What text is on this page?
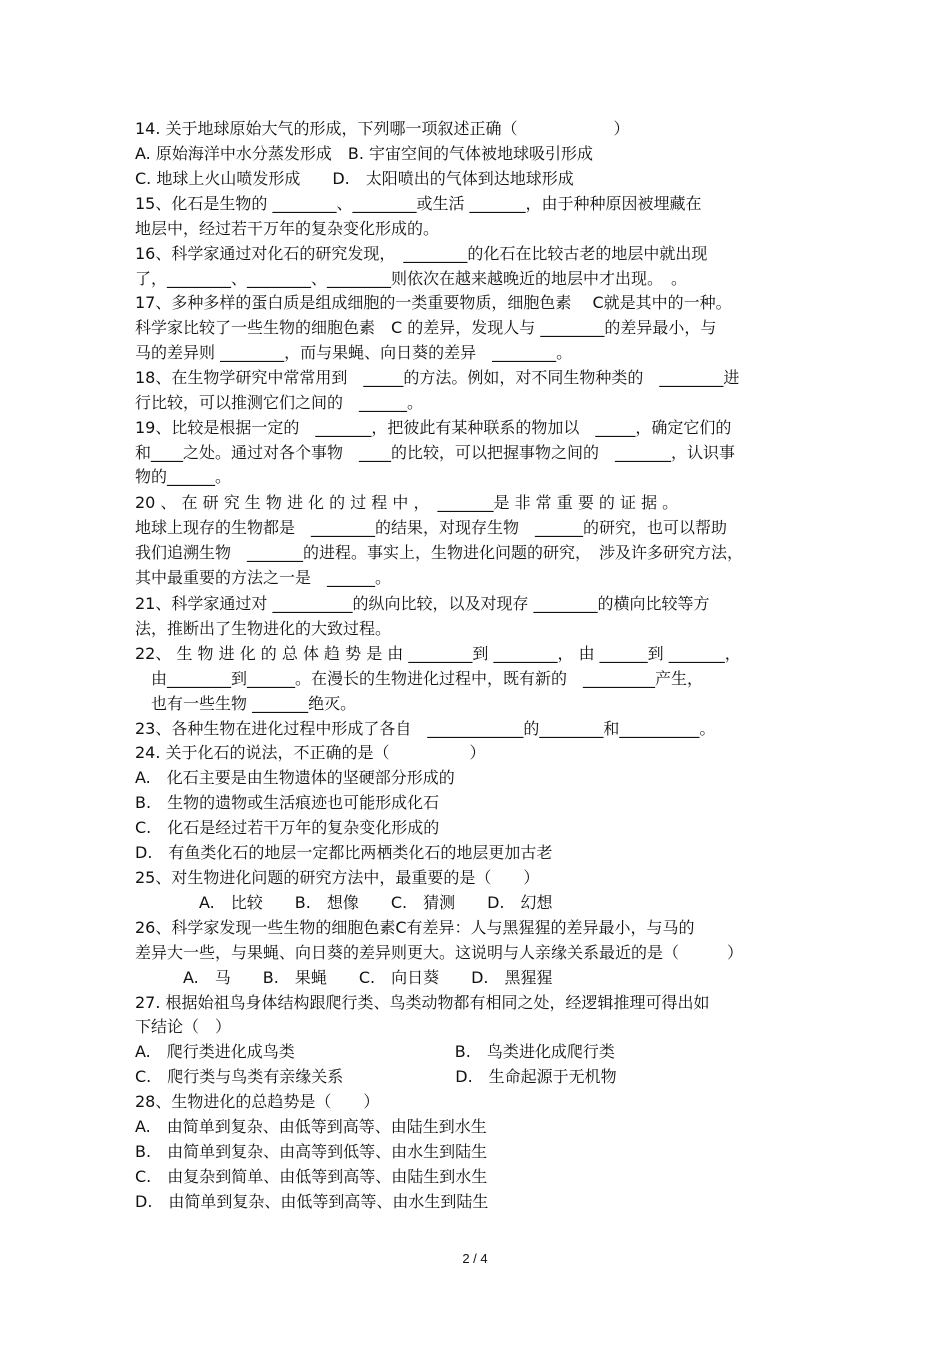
14. 关于地球原始大气的形成，下列哪一项叙述正确（　　　　　　）
A. 原始海洋中水分蒸发形成　B. 宇宙空间的气体被地球吸引形成
C. 地球上火山喷发形成　　D.　太阳喷出的气体到达地球形成
15、化石是生物的 ________、________或生活 _______，由于种种原因被埋藏在
地层中，经过若干万年的复杂变化形成的。
16、科学家通过对化石的研究发现，　________的化石在比较古老的地层中就出现
了，________、________、________则依次在越来越晚近的地层中才出现。　。
17、多种多样的蛋白质是组成细胞的一类重要物质，细胞色素　 C就是其中的一种。
科学家比较了一些生物的细胞色素　C 的差异，发现人与 ________的差异最小，与
马的差异则 ________，而与果蝇、向日葵的差异　________。
18、在生物学研究中常常用到　_____的方法。例如，对不同生物种类的　________进
行比较，可以推测它们之间的　______。
19、比较是根据一定的　_______，把彼此有某种联系的物加以　_____，确定它们的
和____之处。通过对各个事物　____的比较，可以把握事物之间的　_______，认识事
物的______。
20 、 在 研 究 生 物 进 化 的 过 程 中 ，　_______是 非 常 重 要 的 证 据 。
地球上现存的生物都是　________的结果，对现存生物　______的研究，也可以帮助
我们追溯生物　_______的进程。事实上，生物进化问题的研究，　涉及许多研究方法，
其中最重要的方法之一是　______。
21、科学家通过对 __________的纵向比较，以及对现存 ________的横向比较等方
法，推断出了生物进化的大致过程。
22、 生 物 进 化 的 总 体 趋 势 是 由 ________到 ________， 由 ______到 _______，
　由________到______。在漫长的生物进化过程中，既有新的　_________产生，
　也有一些生物 _______绝灭。
23、各种生物在进化过程中形成了各自　____________的________和__________。
24. 关于化石的说法，不正确的是（　　　　　）
A.　化石主要是由生物遗体的坚硬部分形成的
B.　生物的遗物或生活痕迹也可能形成化石
C.　化石是经过若干万年的复杂变化形成的
D.　有鱼类化石的地层一定都比两栖类化石的地层更加古老
25、对生物进化问题的研究方法中，最重要的是（　　）
　　　　A.　比较　　B.　想像　　C.　猜测　　D.　幻想
26、科学家发现一些生物的细胞色素C有差异：人与黑猩猩的差异最小，与马的
差异大一些，与果蝇、向日葵的差异则更大。这说明与人亲缘关系最近的是（　　　）
　　　A.　马　　B.　果蝇　　C.　向日葵　　D.　黑猩猩
27. 根据始祖鸟身体结构跟爬行类、鸟类动物都有相同之处，经逻辑推理可得出如
下结论（　）
A.　爬行类进化成鸟类　　　　　　　　　　B.　鸟类进化成爬行类
C.　爬行类与鸟类有亲缘关系　　　　　　　D.　生命起源于无机物
28、生物进化的总趋势是（　　）
A.　由简单到复杂、由低等到高等、由陆生到水生
B.　由简单到复杂、由高等到低等、由水生到陆生
C.　由复杂到简单、由低等到高等、由陆生到水生
D.　由简单到复杂、由低等到高等、由水生到陆生
2 / 4
